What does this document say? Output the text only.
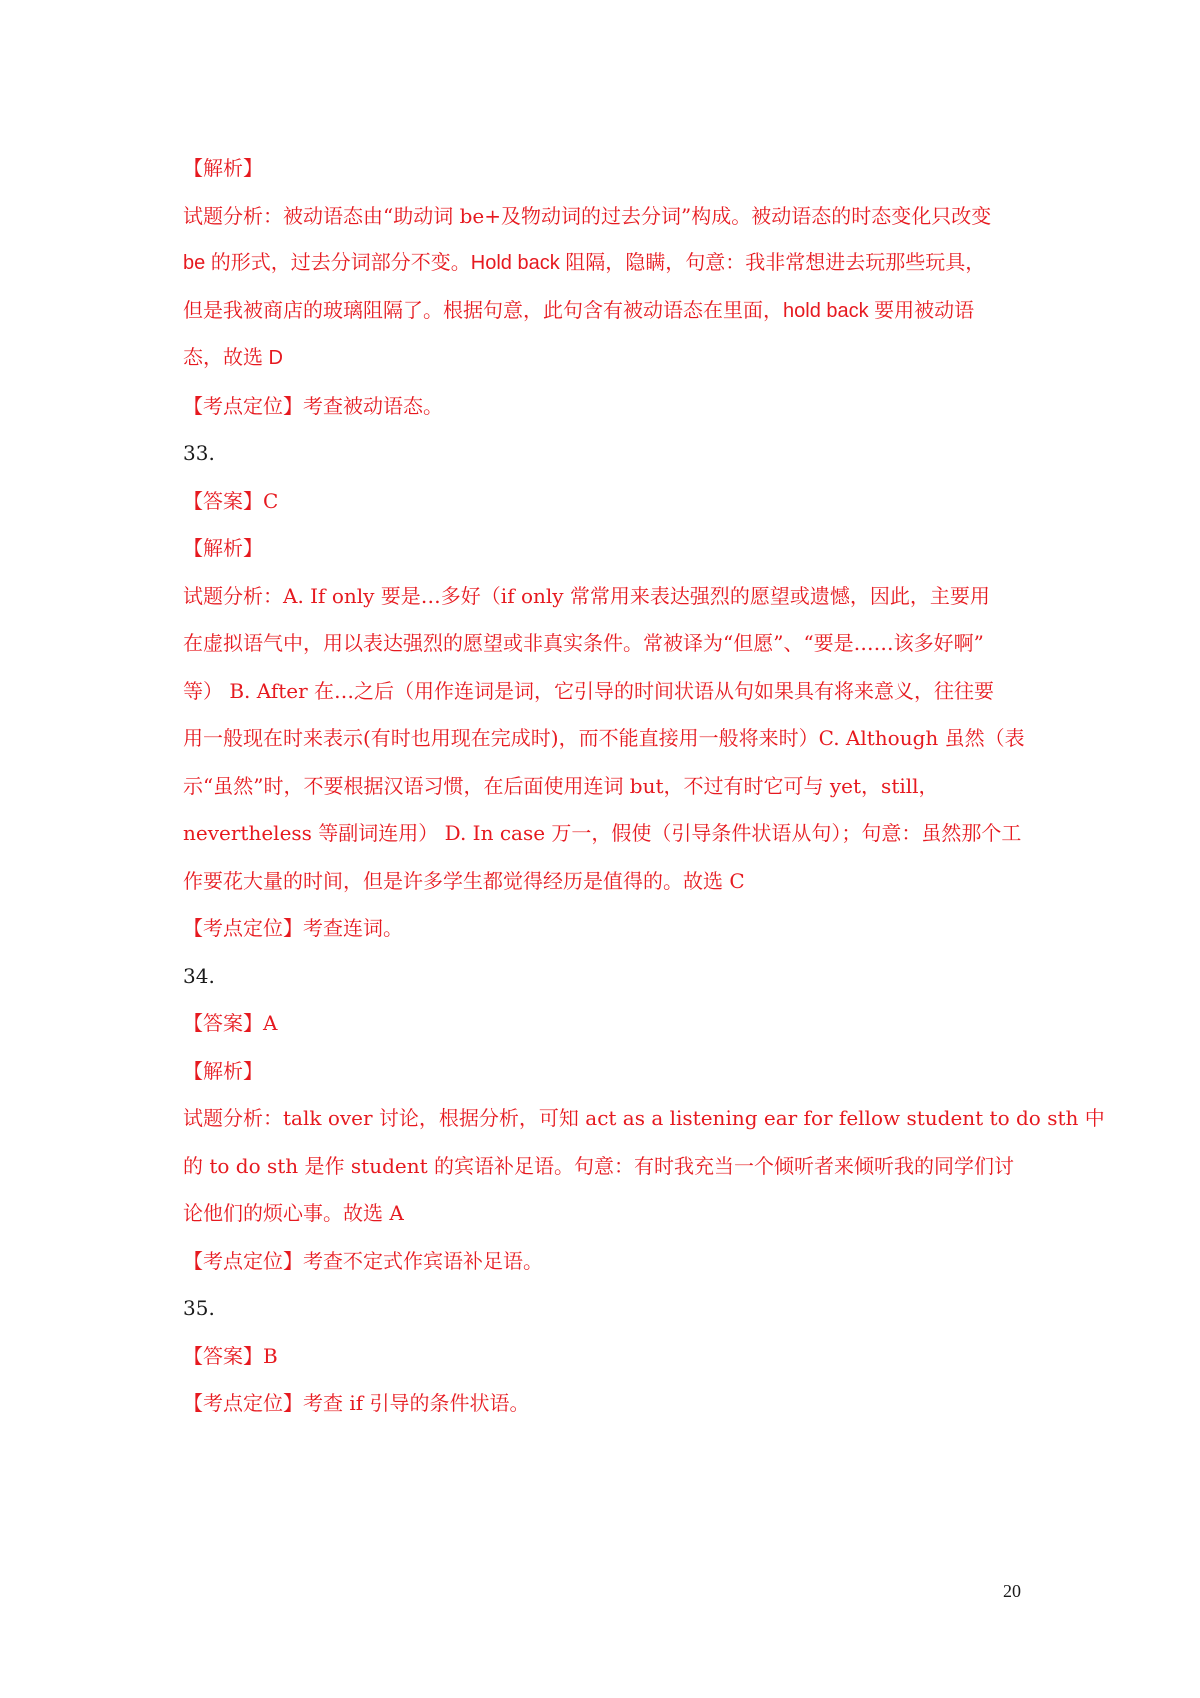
【解析】
试题分析：被动语态由“助动词 be+及物动词的过去分词”构成。被动语态的时态变化只改变
be 的形式，过去分词部分不变。Hold back 阻隔，隐瞒，句意：我非常想进去玩那些玩具，
但是我被商店的玻璃阻隔了。根据句意，此句含有被动语态在里面，hold back 要用被动语
态，故选 D
【考点定位】考查被动语态。
33.
【答案】C
【解析】
试题分析：A. If only 要是…多好（if only 常常用来表达强烈的愿望或遗憾，因此，主要用
在虚拟语气中，用以表达强烈的愿望或非真实条件。常被译为“但愿”、“要是……该多好啊”
等） B. After 在…之后（用作连词是词，它引导的时间状语从句如果具有将来意义，往往要
用一般现在时来表示(有时也用现在完成时)，而不能直接用一般将来时）C. Although 虽然（表
示“虽然”时，不要根据汉语习惯，在后面使用连词 but，不过有时它可与 yet，still，
nevertheless 等副词连用） D. In case 万一，假使（引导条件状语从句）；句意：虽然那个工
作要花大量的时间，但是许多学生都觉得经历是值得的。故选 C
【考点定位】考查连词。
34.
【答案】A
【解析】
试题分析：talk over 讨论，根据分析，可知 act as a listening ear for fellow student to do sth 中
的 to do sth 是作 student 的宾语补足语。句意：有时我充当一个倾听者来倾听我的同学们讨
论他们的烦心事。故选 A
【考点定位】考查不定式作宾语补足语。
35.
【答案】B
【考点定位】考查 if 引导的条件状语。
20
